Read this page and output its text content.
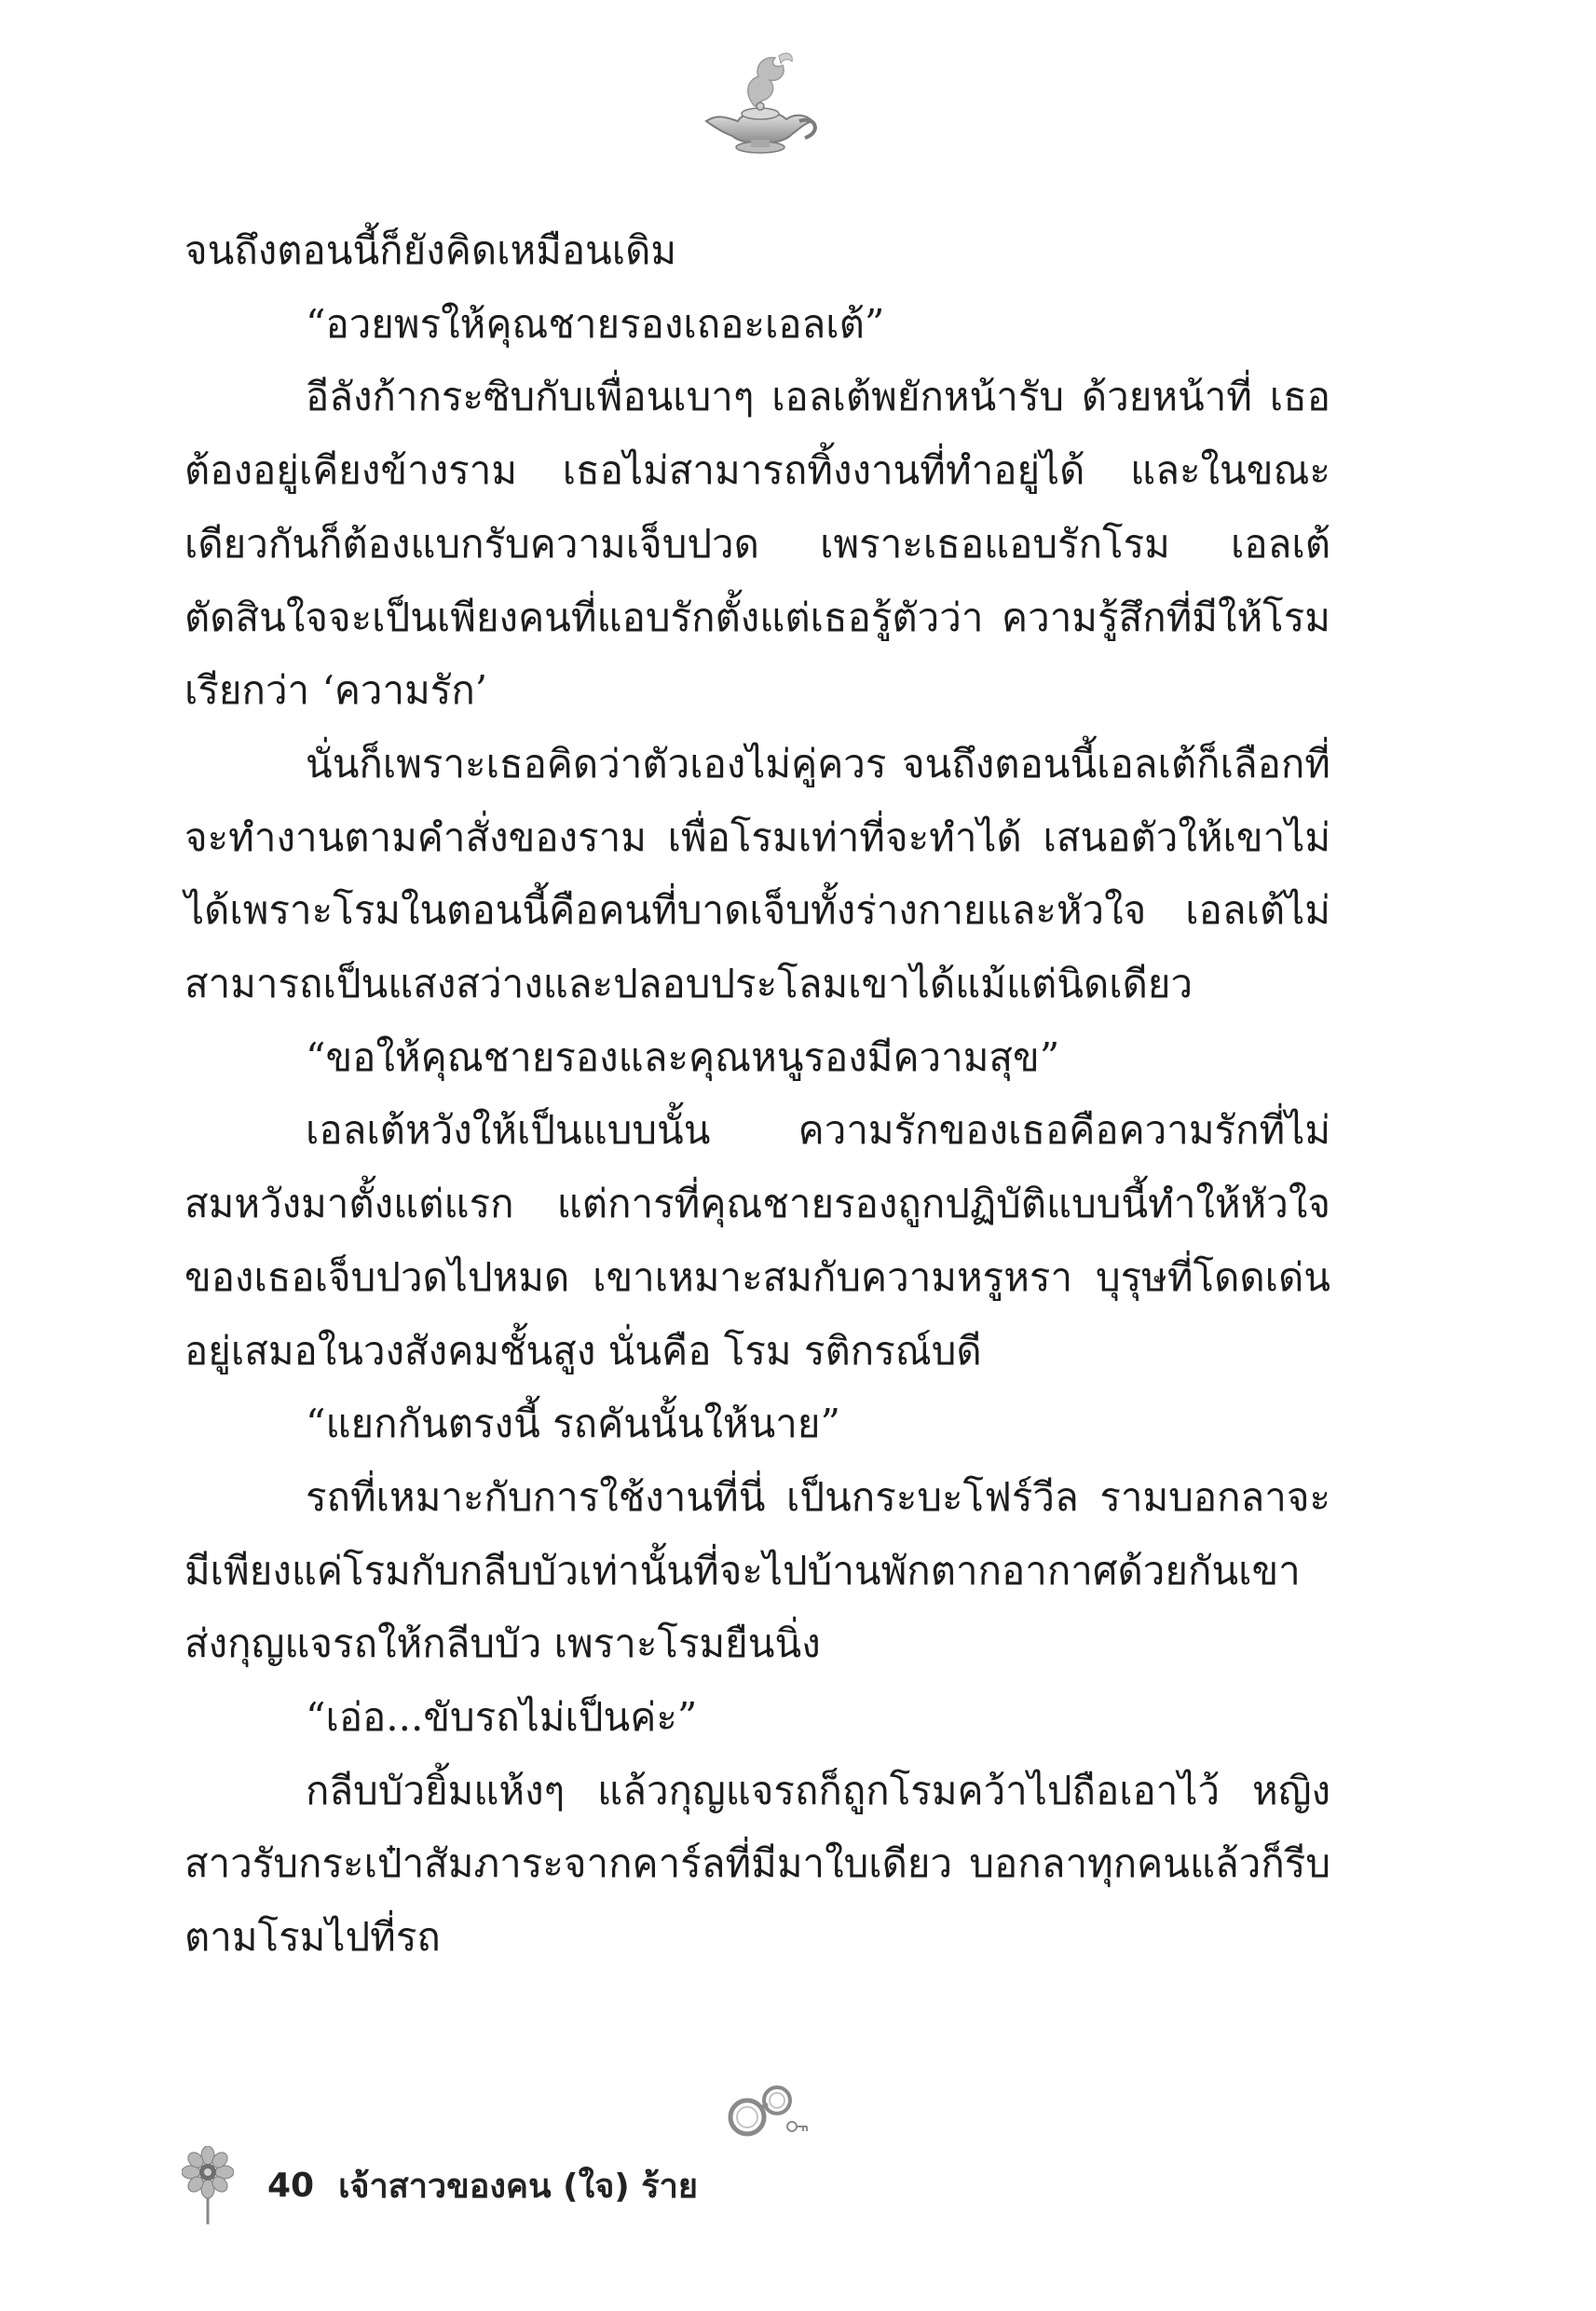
จนถึงตอนนี้ก็ยังคิดเหมือนเดิม

“อวยพรให้คุณชายรองเถอะเอลเต้”

อีลังก้ากระซิบกับเพื่อนเบาๆ เอลเต้พยักหน้ารับ ด้วยหน้าที่ เธอต้องอยู่เคียงข้างราม เธอไม่สามารถทิ้งงานที่ทำอยู่ได้ และในขณะเดียวกันก็ต้องแบกรับความเจ็บปวด เพราะเธอแอบรักโรม เอลเต้ตัดสินใจจะเป็นเพียงคนที่แอบรักตั้งแต่เธอรู้ตัวว่า ความรู้สึกที่มีให้โรมเรียกว่า ‘ความรัก’

นั่นก็เพราะเธอคิดว่าตัวเองไม่คู่ควร จนถึงตอนนี้เอลเต้ก็เลือกที่จะทำงานตามคำสั่งของราม เพื่อโรมเท่าที่จะทำได้ เสนอตัวให้เขาไม่ได้เพราะโรมในตอนนี้คือคนที่บาดเจ็บทั้งร่างกายและหัวใจ เอลเต้ไม่สามารถเป็นแสงสว่างและปลอบประโลมเขาได้แม้แต่นิดเดียว

“ขอให้คุณชายรองและคุณหนูรองมีความสุข”

เอลเต้หวังให้เป็นแบบนั้น ความรักของเธอคือความรักที่ไม่สมหวังมาตั้งแต่แรก แต่การที่คุณชายรองถูกปฏิบัติแบบนี้ทำให้หัวใจของเธอเจ็บปวดไปหมด เขาเหมาะสมกับความหรูหรา บุรุษที่โดดเด่นอยู่เสมอในวงสังคมชั้นสูง นั่นคือ โรม รติกรณ์บดี

“แยกกันตรงนี้ รถคันนั้นให้นาย”

รถที่เหมาะกับการใช้งานที่นี่ เป็นกระบะโฟร์วีล รามบอกลาจะมีเพียงแค่โรมกับกลีบบัวเท่านั้นที่จะไปบ้านพักตากอากาศด้วยกันเขาส่งกุญแจรถให้กลีบบัว เพราะโรมยืนนิ่ง

“เอ่อ...ขับรถไม่เป็นค่ะ”

กลีบบัวยิ้มแห้งๆ แล้วกุญแจรถก็ถูกโรมคว้าไปถือเอาไว้ หญิงสาวรับกระเป๋าสัมภาระจากคาร์ลที่มีมาใบเดียว บอกลาทุกคนแล้วก็รีบตามโรมไปที่รถ

40 เจ้าสาวของคน (ใจ) ร้าย
